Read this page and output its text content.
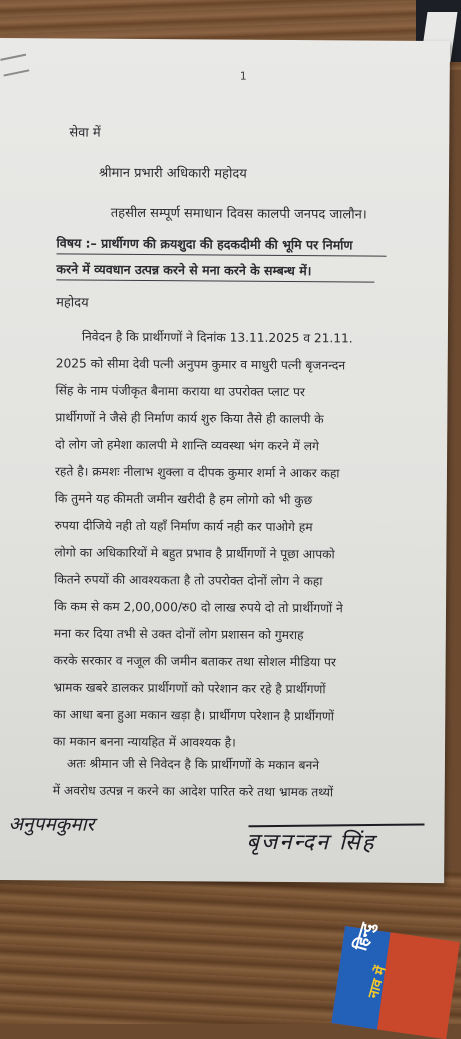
1
सेवा में
श्रीमान प्रभारी अधिकारी महोदय
तहसील सम्पूर्ण समाधान दिवस कालपी जनपद जालौन।
विषय :– प्रार्थीगण की क्रयशुदा की हदकदीमी की भूमि पर निर्माण
करने में व्यवधान उत्पन्न करने से मना करने के सम्बन्ध में।
महोदय
निवेदन है कि प्रार्थीगणों ने दिनांक 13.11.2025 व 21.11.
2025 को सीमा देवी पत्नी अनुपम कुमार व माधुरी पत्नी बृजनन्दन
सिंह के नाम पंजीकृत बैनामा कराया था उपरोक्त प्लाट पर
प्रार्थीगणों ने जैसे ही निर्माण कार्य शुरु किया तैसे ही कालपी के
दो लोग जो हमेशा कालपी मे शान्ति व्यवस्था भंग करने में लगे
रहते है। क्रमशः नीलाभ शुक्ला व दीपक कुमार शर्मा ने आकर कहा
कि तुमने यह कीमती जमीन खरीदी है हम लोगो को भी कुछ
रुपया दीजिये नही तो यहाँ निर्माण कार्य नही कर पाओगे हम
लोगो का अधिकारियों मे बहुत प्रभाव है प्रार्थीगणों ने पूछा आपको
कितने रुपयों की आवश्यकता है तो उपरोक्त दोनों लोग ने कहा
कि कम से कम 2,00,000/रु0 दो लाख रुपये दो तो प्रार्थीगणों ने
मना कर दिया तभी से उक्त दोनों लोग प्रशासन को गुमराह
करके सरकार व नजूल की जमीन बताकर तथा सोशल मीडिया पर
भ्रामक खबरे डालकर प्रार्थीगणों को परेशान कर रहे है प्रार्थीगणों
का आधा बना हुआ मकान खड़ा है। प्रार्थीगण परेशान है प्रार्थीगणों
का मकान बनना न्यायहित में आवश्यक है।
अतः श्रीमान जी से निवेदन है कि प्रार्थीगणों के मकान बनने
में अवरोध उत्पन्न न करने का आदेश पारित करे तथा भ्रामक तथ्यों
अनुपमकुमार
बृजनन्दन सिंह
हिन्दु
नाव में
